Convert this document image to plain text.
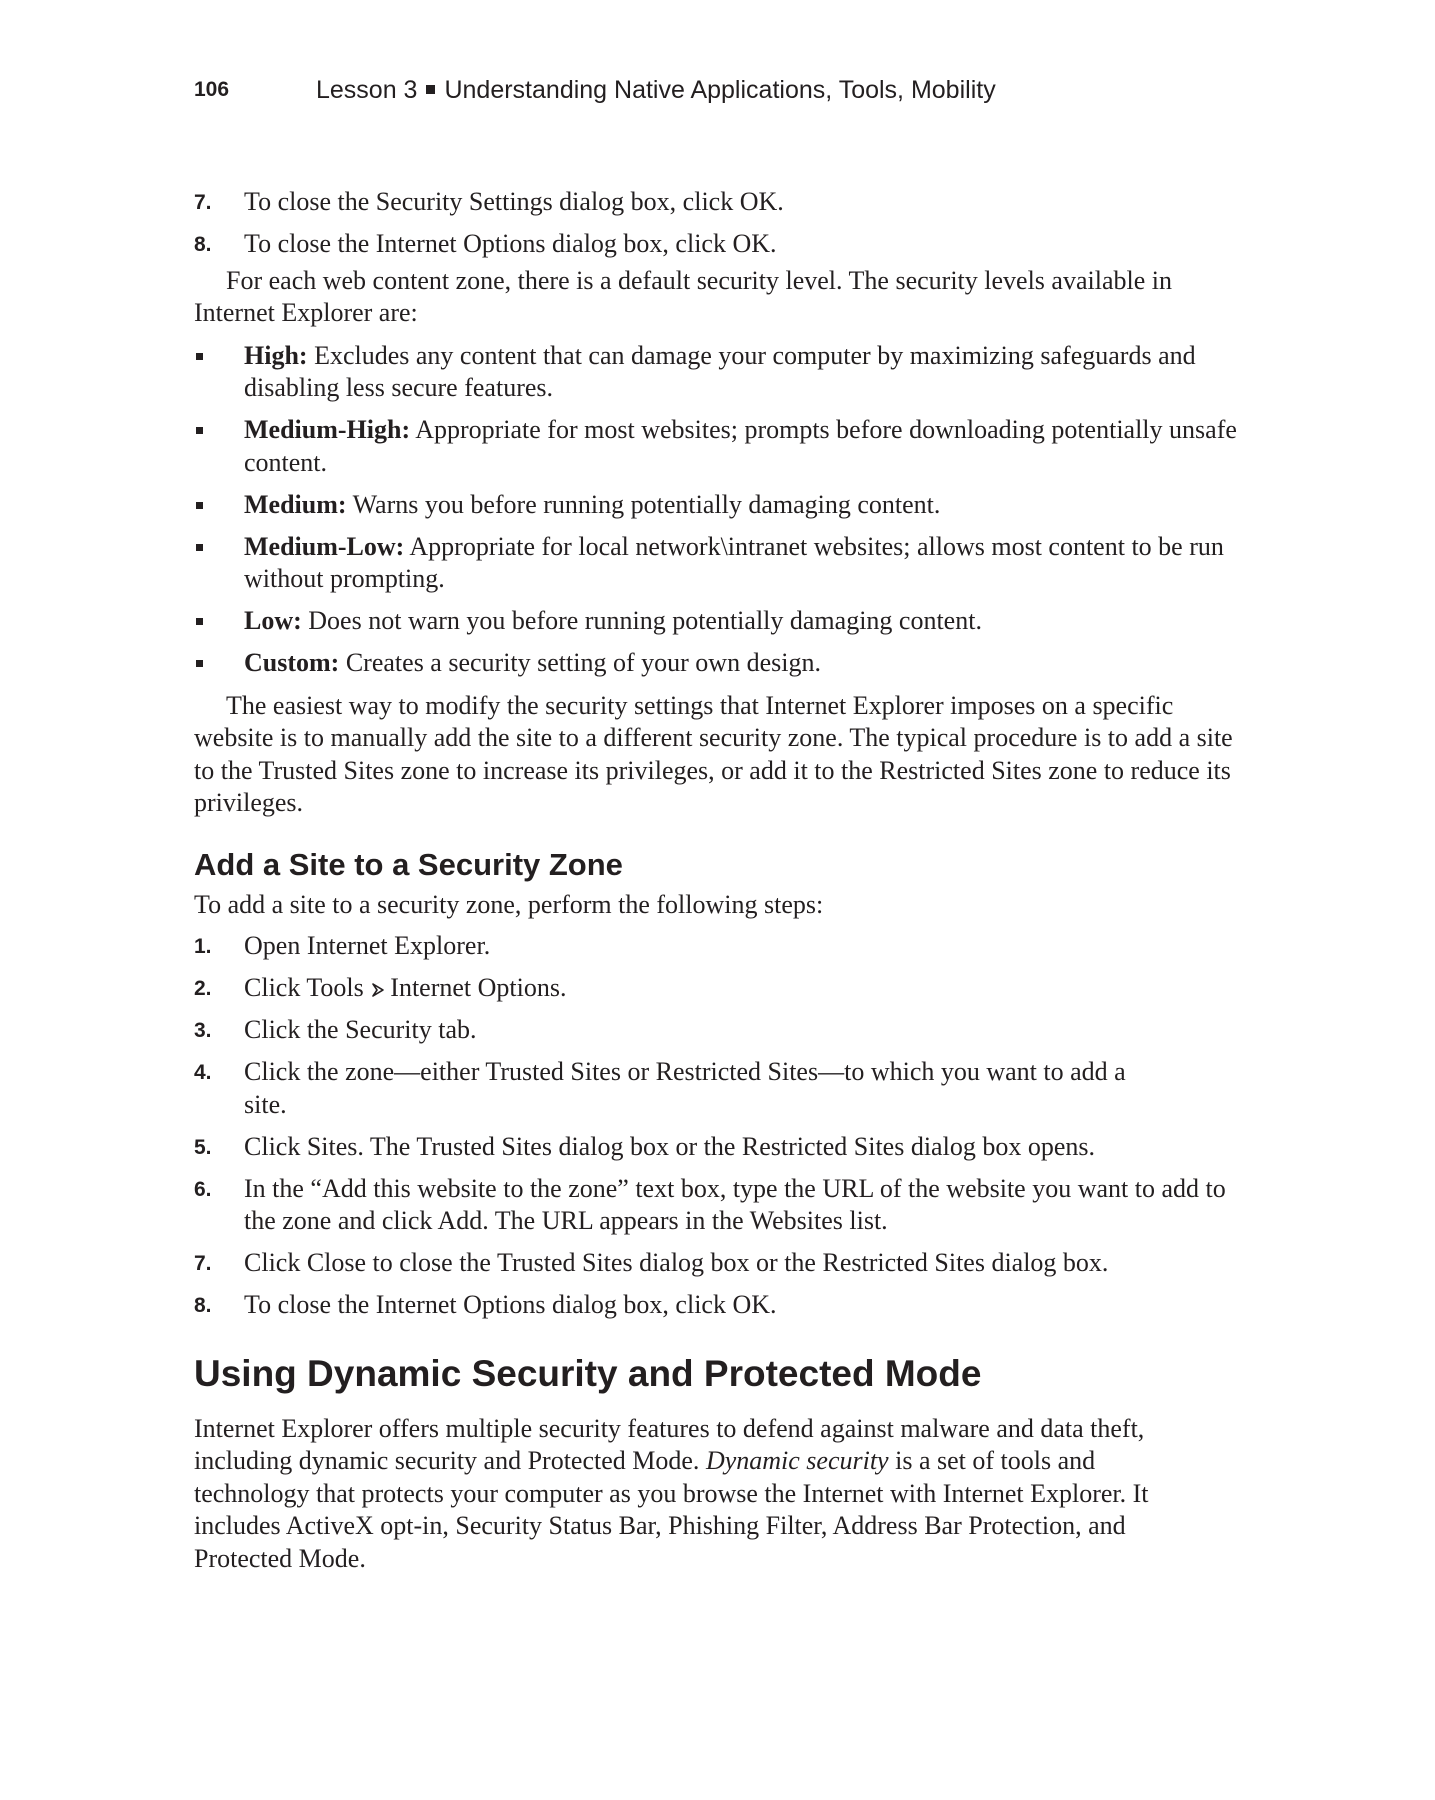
106	Lesson 3 Understanding Native Applications, Tools, Mobility
7. To close the Security Settings dialog box, click OK.
8. To close the Internet Options dialog box, click OK.

For each web content zone, there is a default security level. The security levels available in Internet Explorer are:

High: Excludes any content that can damage your computer by maximizing safeguards and disabling less secure features.
Medium-High: Appropriate for most websites; prompts before downloading potentially unsafe content.
Medium: Warns you before running potentially damaging content.
Medium-Low: Appropriate for local network\intranet websites; allows most content to be run without prompting.
Low: Does not warn you before running potentially damaging content.
Custom: Creates a security setting of your own design.

The easiest way to modify the security settings that Internet Explorer imposes on a specific website is to manually add the site to a different security zone. The typical procedure is to add a site to the Trusted Sites zone to increase its privileges, or add it to the Restricted Sites zone to reduce its privileges.

Add a Site to a Security Zone

To add a site to a security zone, perform the following steps:

1. Open Internet Explorer.
2. Click Tools Internet Options.
3. Click the Security tab.
4. Click the zone—either Trusted Sites or Restricted Sites—to which you want to add a site.
5. Click Sites. The Trusted Sites dialog box or the Restricted Sites dialog box opens.
6. In the “Add this website to the zone” text box, type the URL of the website you want to add to the zone and click Add. The URL appears in the Websites list.
7. Click Close to close the Trusted Sites dialog box or the Restricted Sites dialog box.
8. To close the Internet Options dialog box, click OK.
Using Dynamic Security and Protected Mode

Internet Explorer offers multiple security features to defend against malware and data theft, including dynamic security and Protected Mode. Dynamic security is a set of tools and technology that protects your computer as you browse the Internet with Internet Explorer. It includes ActiveX opt-in, Security Status Bar, Phishing Filter, Address Bar Protection, and Protected Mode.
